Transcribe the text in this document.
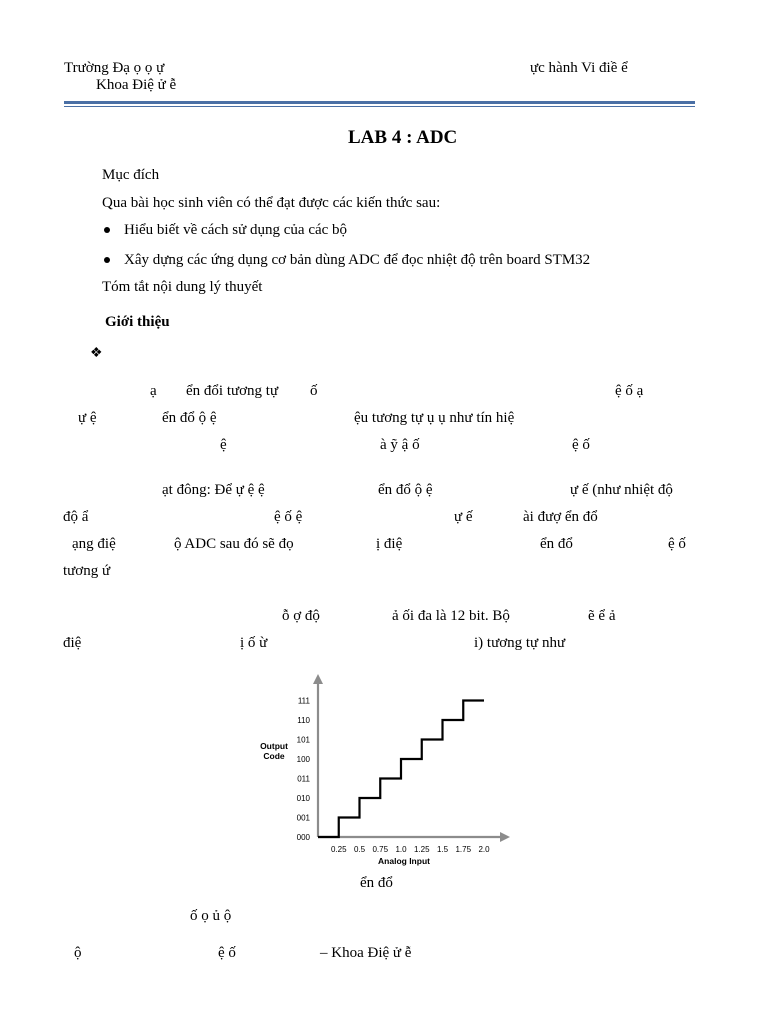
Trường Đạ ọ ọ ự
Khoa Điệ ử ễ
ực hành Vi điề ể
LAB 4 : ADC
Mục đích
Qua bài học sinh viên có thể đạt được các kiến thức sau:
Hiểu biết về cách sử dụng của các bộ
Xây dựng các ứng dụng cơ bản dùng ADC để đọc nhiệt độ trên board STM32
Tóm tắt nội dung lý thuyết
Giới thiệu
❖
ạ ển đổi tương tự ố	ệ ố ạ
ự ệ	ển đổ ộ ệ	ệu tương tự ụ ụ như tín hiệ
ệ	à ỹ ậ ố	ệ ố
ạt đông: Để ự ệ ệ	ển đổ ộ ệ	ự ế (như nhiệt độ
độ ẩ	ệ ố ệ	ự ế	ài đượ ển đổ
ạng điệ	ộ ADC sau đó sẽ đọ	ị điệ	ển đổ	ệ ố
tương ứ
ỗ ợ độ	ả ối đa là 12 bit. Bộ	ẽ ể ả
điệ	ị ố ừ	i) tương tự như
000
001
010
011
100
101
110
111
0.25 0.5 0.75 1.0 1.25 1.5 1.75 2.0
Output
Code
Analog Input
ển đổ
ố ọ ủ ộ
ộ	ệ ố	– Khoa Điệ ử ễ
